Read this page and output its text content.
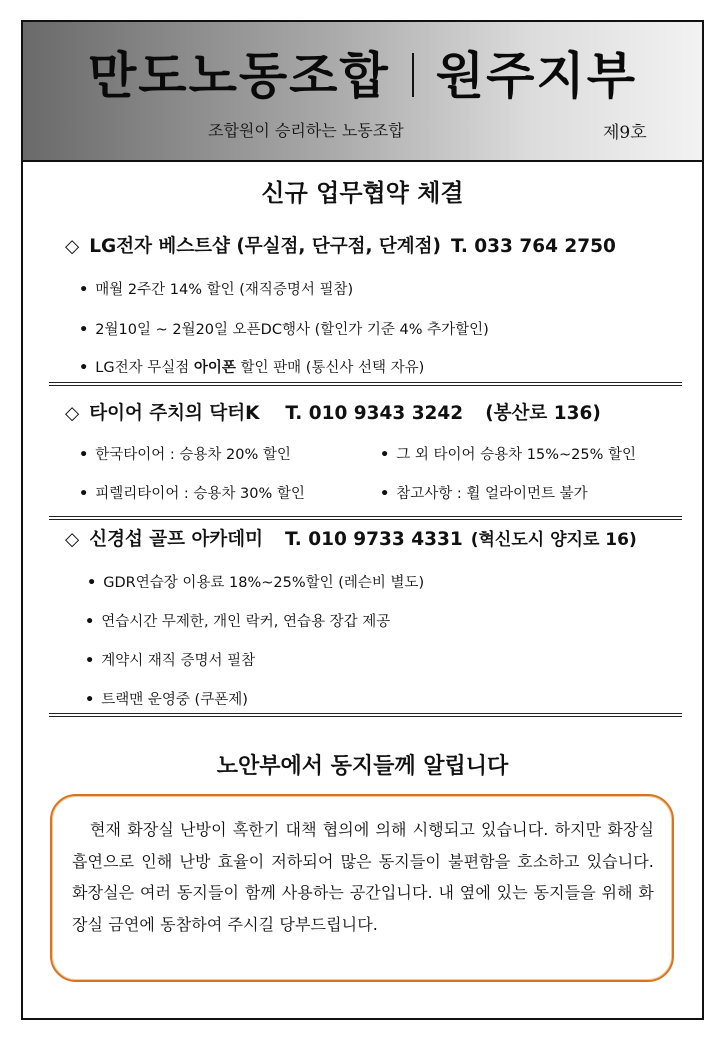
만도노동조합 원주지부
조합원이 승리하는 노동조합	제9호
신규 업무협약 체결
◇ LG전자 베스트샵 (무실점, 단구점, 단계점) T. 033 764 2750
• 매월 2주간 14% 할인 (재직증명서 필참)
• 2월10일 ~ 2월20일 오픈DC행사 (할인가 기준 4% 추가할인)
• LG전자 무실점 아이폰 할인 판매 (통신사 선택 자유)
◇ 타이어 주치의 닥터K T. 010 9343 3242 (봉산로 136)
• 한국타이어 : 승용차 20% 할인	• 그 외 타이어 승용차 15%~25% 할인
• 피렐리타이어 : 승용차 30% 할인	• 참고사항 : 휠 얼라이먼트 불가
◇ 신경섭 골프 아카데미 T. 010 9733 4331 (혁신도시 양지로 16)
• GDR연습장 이용료 18%~25%할인 (레슨비 별도)
• 연습시간 무제한, 개인 락커, 연습용 장갑 제공
• 계약시 재직 증명서 필참
• 트랙맨 운영중 (쿠폰제)
노안부에서 동지들께 알립니다
현재 화장실 난방이 혹한기 대책 협의에 의해 시행되고 있습니다. 하지만 화장실 흡연으로 인해 난방 효율이 저하되어 많은 동지들이 불편함을 호소하고 있습니다. 화장실은 여러 동지들이 함께 사용하는 공간입니다. 내 옆에 있는 동지들을 위해 화장실 금연에 동참하여 주시길 당부드립니다.
